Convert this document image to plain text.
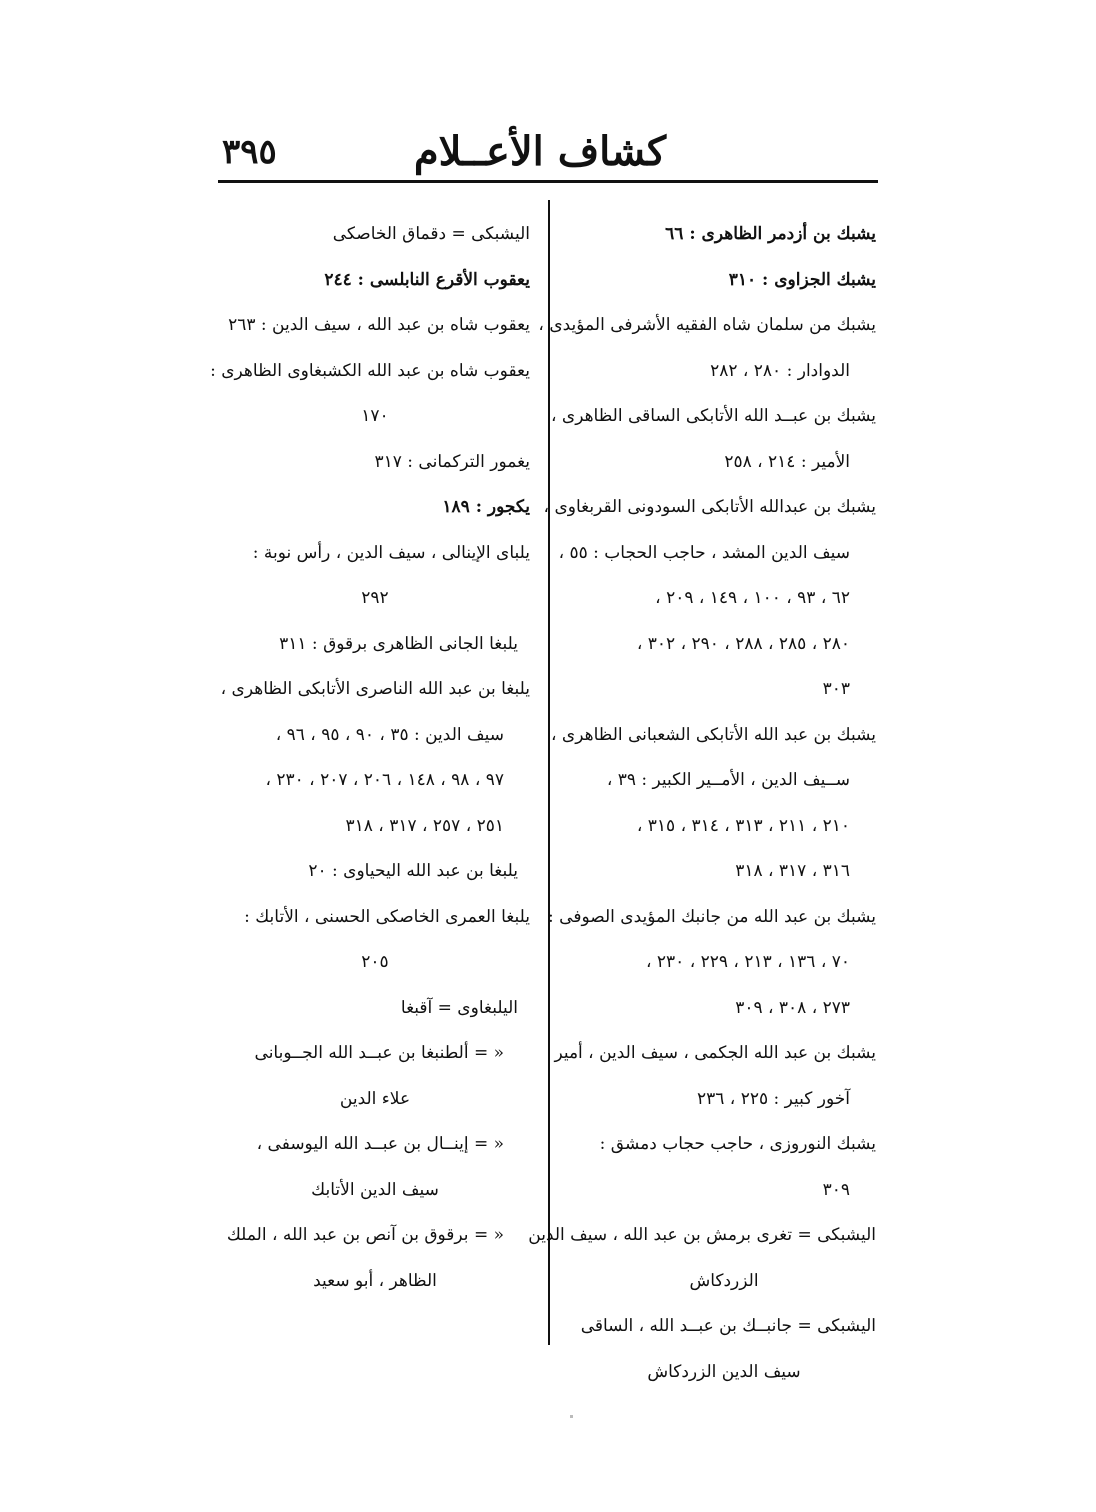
كشاف الأعــلام
٣٩٥
يشبك بن أزدمر الظاهرى : ٦٦
يشبك الجزاوى : ٣١٠
يشبك من سلمان شاه الفقيه الأشرفى المؤيدى ،
الدوادار : ٢٨٠ ، ٢٨٢
يشبك بن عبــد الله الأتابكى الساقى الظاهرى ،
الأمير : ٢١٤ ، ٢٥٨
يشبك بن عبدالله الأتابكى السودونى القربغاوى ،
سيف الدين المشد ، حاجب الحجاب : ٥٥ ،
٦٢ ، ٩٣ ، ١٠٠ ، ١٤٩ ، ٢٠٩ ،
٢٨٠ ، ٢٨٥ ، ٢٨٨ ، ٢٩٠ ، ٣٠٢ ،
٣٠٣
يشبك بن عبد الله الأتابكى الشعبانى الظاهرى ،
ســيف الدين ، الأمــير الكبير : ٣٩ ،
٢١٠ ، ٢١١ ، ٣١٣ ، ٣١٤ ، ٣١٥ ،
٣١٦ ، ٣١٧ ، ٣١٨
يشبك بن عبد الله من جانبك المؤيدى الصوفى :
٧٠ ، ١٣٦ ، ٢١٣ ، ٢٢٩ ، ٢٣٠ ،
٢٧٣ ، ٣٠٨ ، ٣٠٩
يشبك بن عبد الله الجكمى ، سيف الدين ، أمير
آخور كبير : ٢٢٥ ، ٢٣٦
يشبك النوروزى ، حاجب حجاب دمشق :
٣٠٩
اليشبكى = تغرى برمش بن عبد الله ، سيف الدين
الزردكاش
اليشبكى = جانبــك بن عبــد الله ، الساقى
سيف الدين الزردكاش
اليشبكى = دقماق الخاصكى
يعقوب الأقرع النابلسى : ٢٤٤
يعقوب شاه بن عبد الله ، سيف الدين : ٢٦٣
يعقوب شاه بن عبد الله الكشبغاوى الظاهرى :
١٧٠
يغمور التركمانى : ٣١٧
يكجور : ١٨٩
يلباى الإينالى ، سيف الدين ، رأس نوبة :
٢٩٢
يلبغا الجانى الظاهرى برقوق : ٣١١
يلبغا بن عبد الله الناصرى الأتابكى الظاهرى ،
سيف الدين : ٣٥ ، ٩٠ ، ٩٥ ، ٩٦ ،
٩٧ ، ٩٨ ، ١٤٨ ، ٢٠٦ ، ٢٠٧ ، ٢٣٠ ،
٢٥١ ، ٢٥٧ ، ٣١٧ ، ٣١٨
يلبغا بن عبد الله اليحياوى : ٢٠
يلبغا العمرى الخاصكى الحسنى ، الأتابك :
٢٠٥
اليلبغاوى = آقبغا
« = ألطنبغا بن عبــد الله الجــوبانى
علاء الدين
« = إينــال بن عبــد الله اليوسفى ،
سيف الدين الأتابك
« = برقوق بن آنص بن عبد الله ، الملك
الظاهر ، أبو سعيد
